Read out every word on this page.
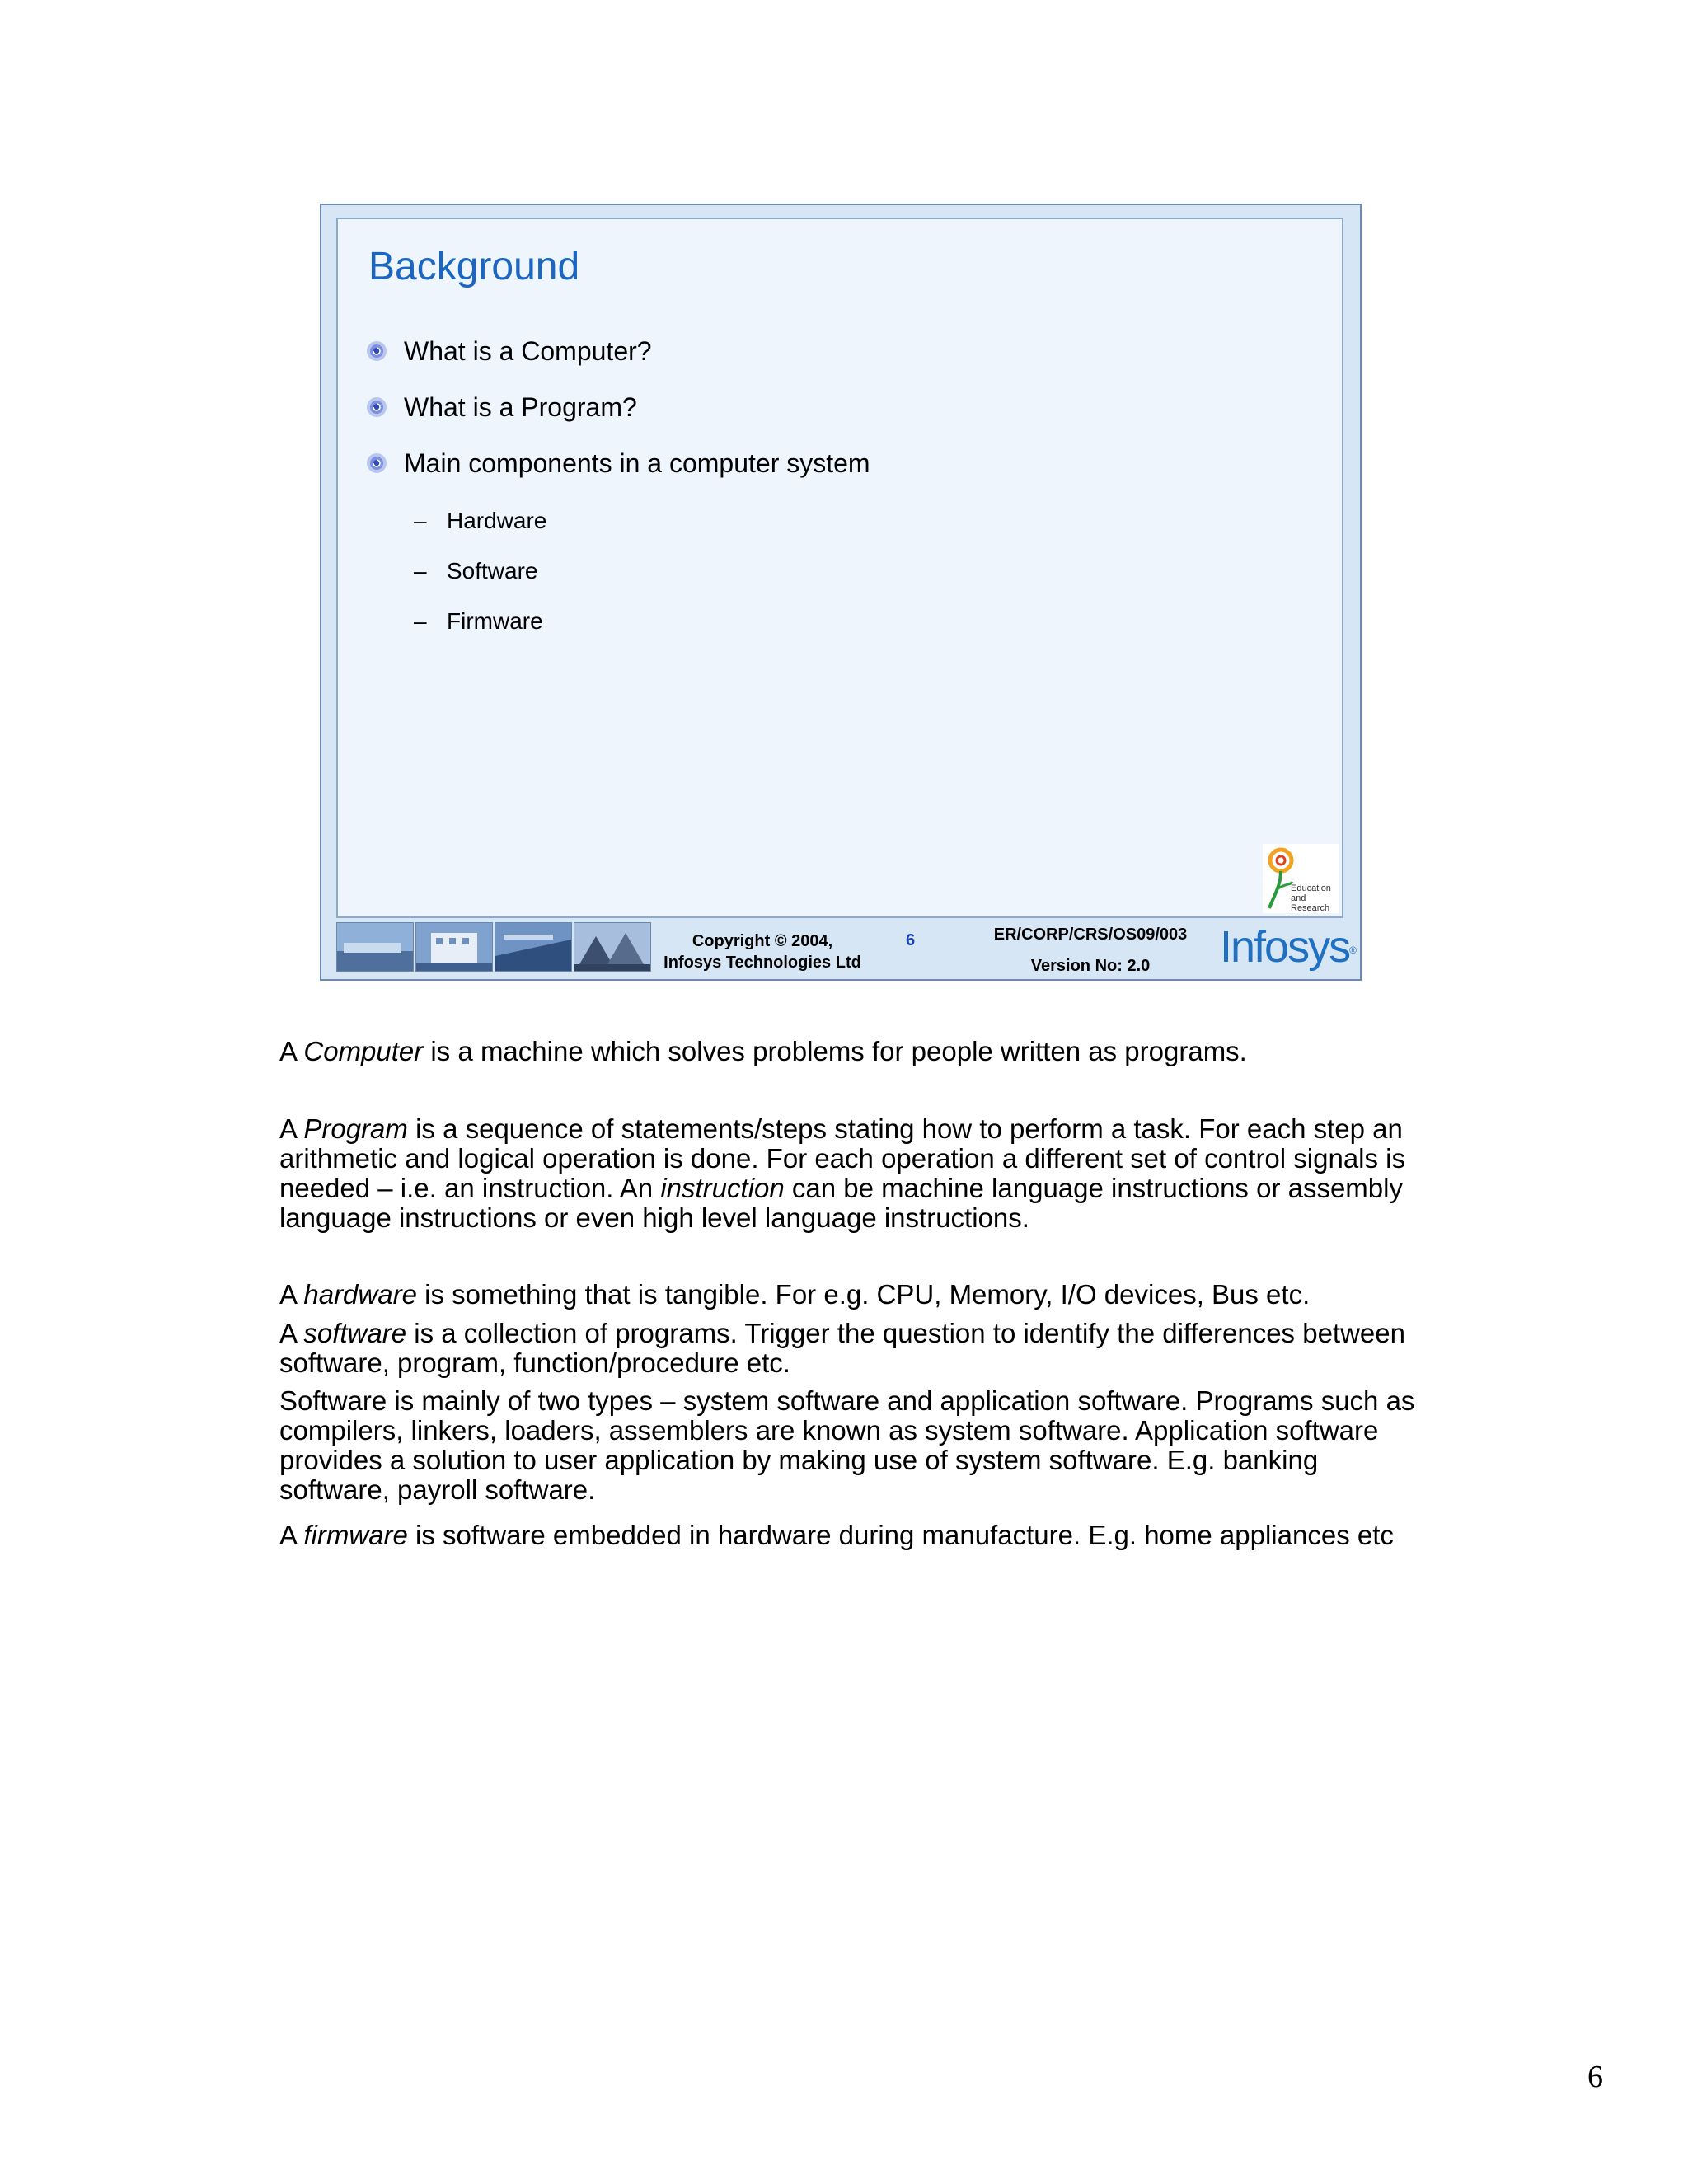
Background
What is a Computer?
What is a Program?
Main components in a computer system
– Hardware
– Software
– Firmware
Education
and
Research
Copyright © 2004,
Infosys Technologies Ltd
6	ER/CORP/CRS/OS09/003
Version No: 2.0	Infosys®

A Computer is a machine which solves problems for people written as programs.

A Program is a sequence of statements/steps stating how to perform a task. For each step an arithmetic and logical operation is done. For each operation a different set of control signals is needed – i.e. an instruction. An instruction can be machine language instructions or assembly language instructions or even high level language instructions.

A hardware is something that is tangible. For e.g. CPU, Memory, I/O devices, Bus etc.

A software is a collection of programs. Trigger the question to identify the differences between software, program, function/procedure etc.

Software is mainly of two types – system software and application software. Programs such as compilers, linkers, loaders, assemblers are known as system software. Application software provides a solution to user application by making use of system software. E.g. banking software, payroll software.

A firmware is software embedded in hardware during manufacture. E.g. home appliances etc

6
